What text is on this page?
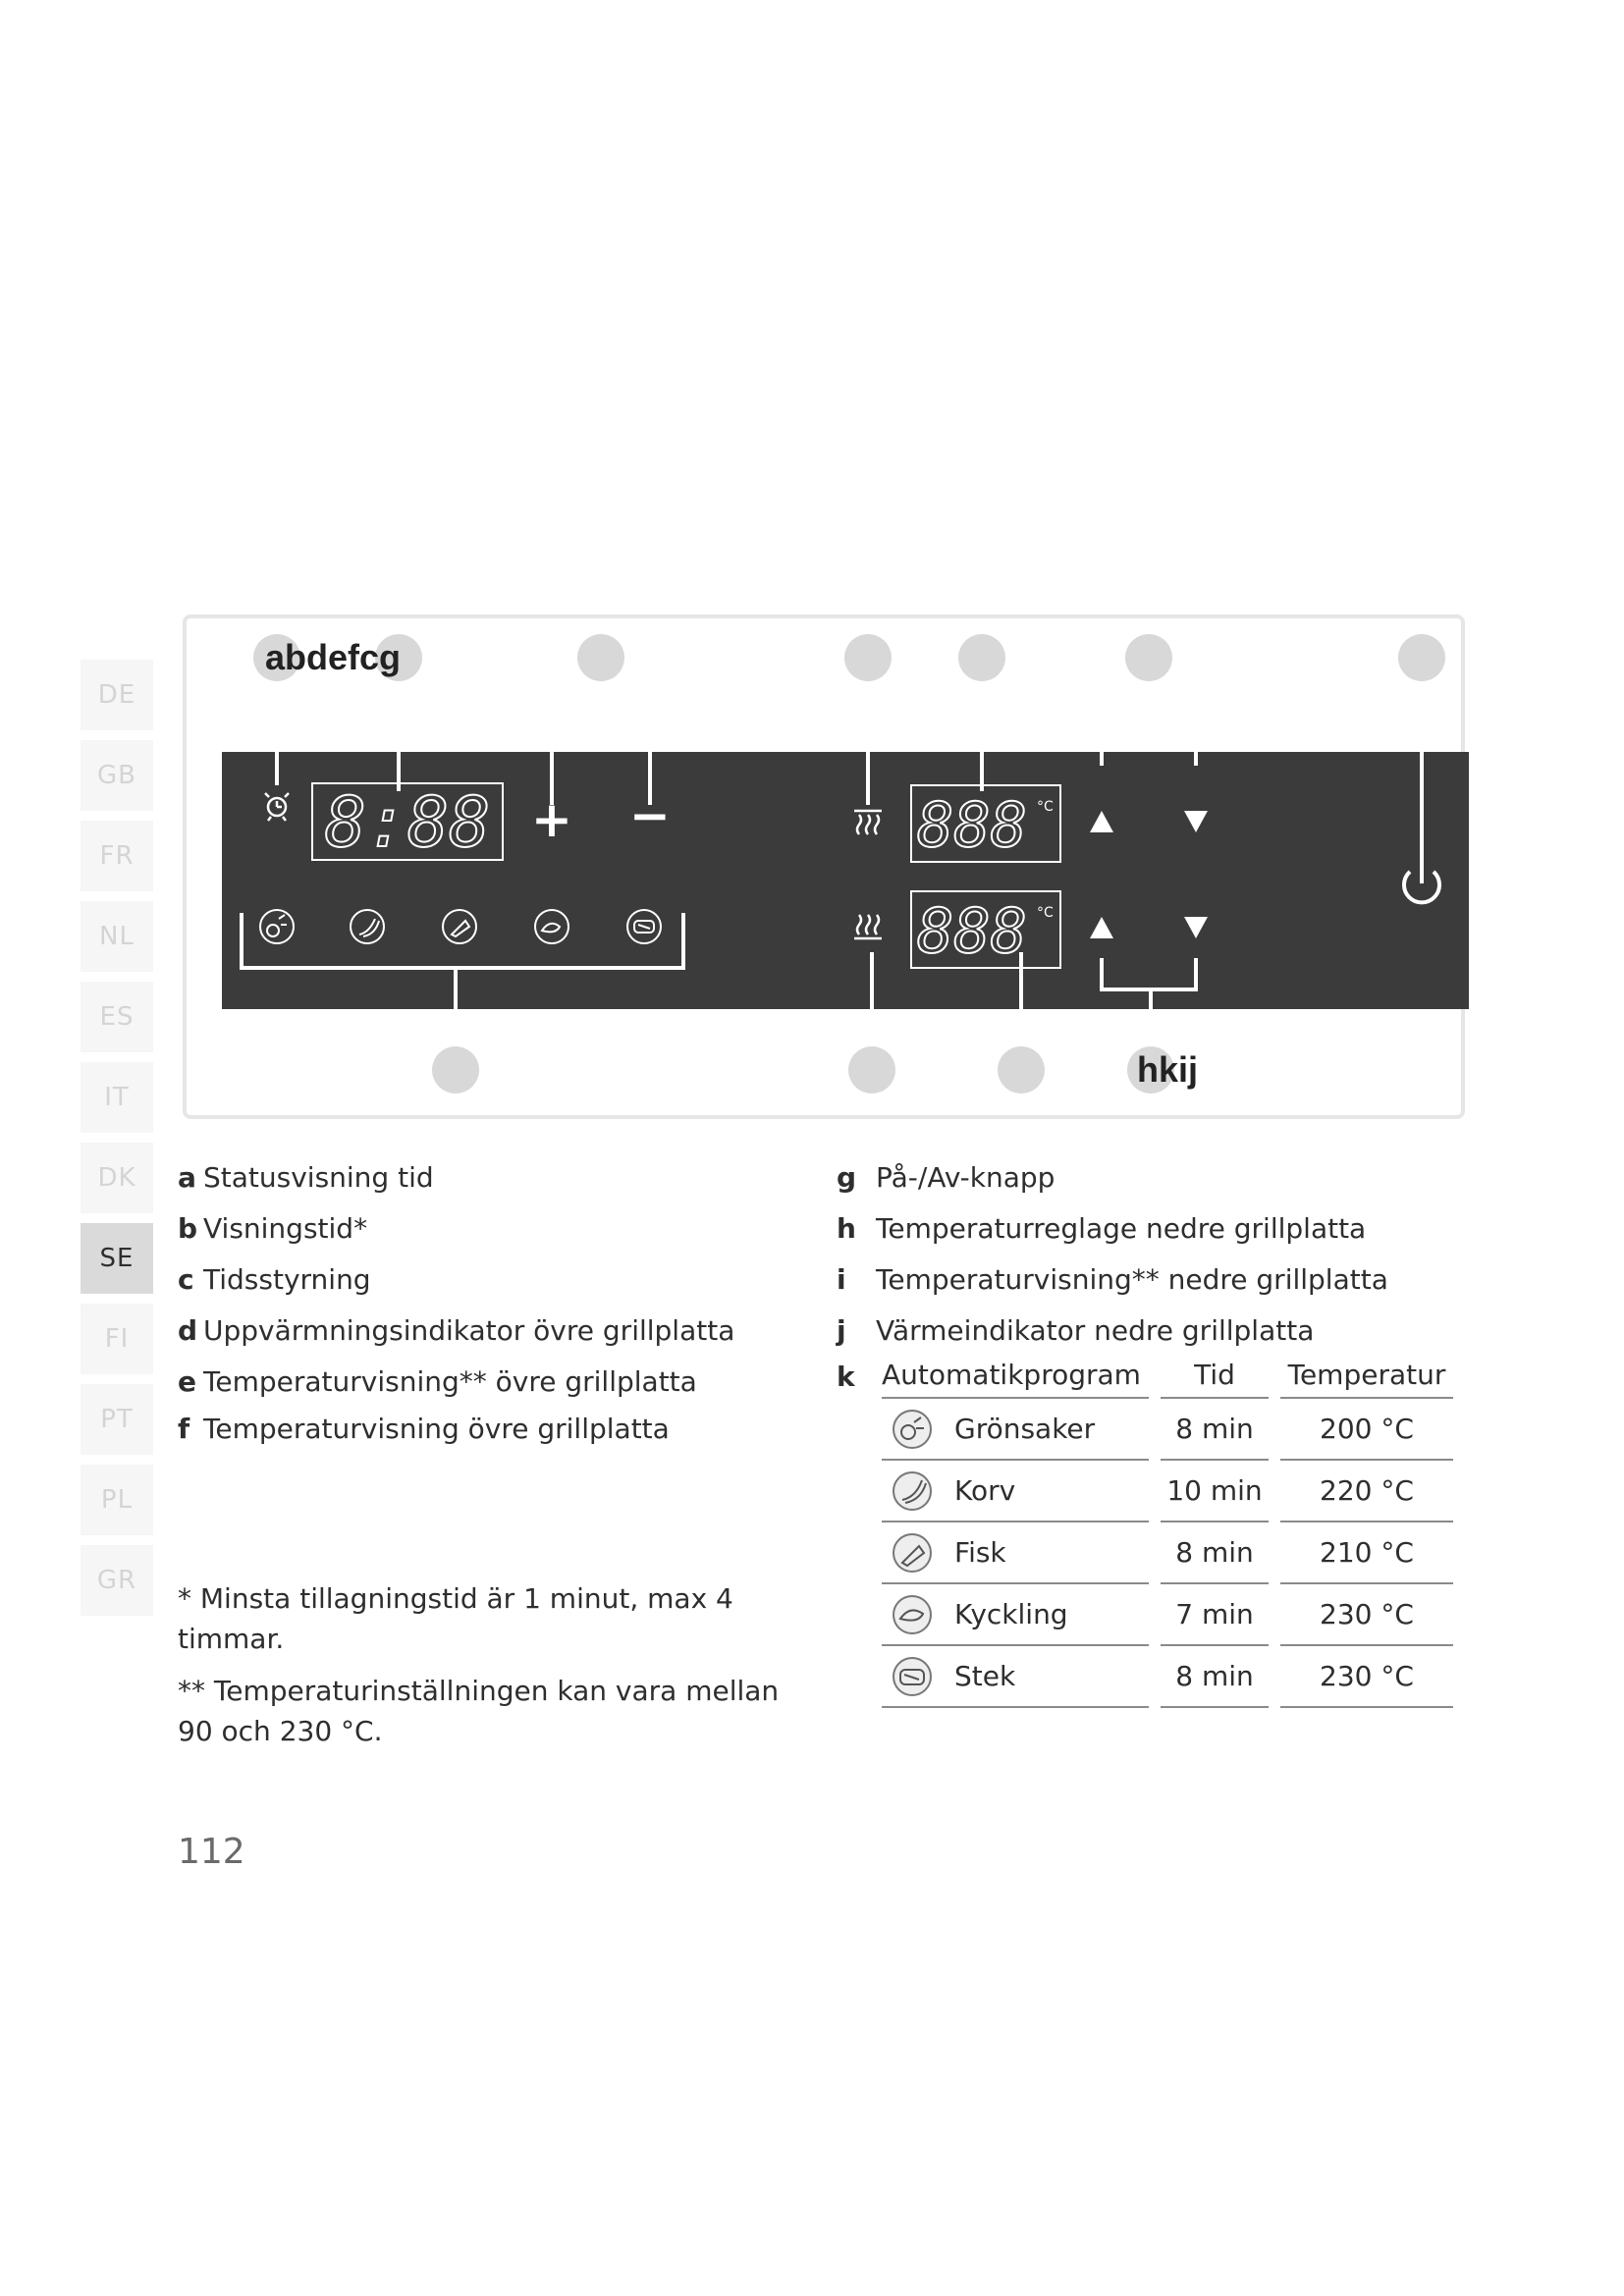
DE
GB
FR
NL
ES
IT
DK
SE
FI
PT
PL
GR
abdefcg
hkij
8:88 + −	888 °C
888 °C
a Statusvisning tid
b Visningstid*
c Tidsstyrning
d Uppvärmningsindikator övre grillplatta
e Temperaturvisning** övre grillplatta
f Temperaturvisning övre grillplatta
g På-/Av-knapp
h Temperaturreglage nedre grillplatta
i Temperaturvisning** nedre grillplatta
j Värmeindikator nedre grillplatta
k Automatikprogram	Tid	Temperatur
Grönsaker	8 min	200 °C
Korv	10 min	220 °C
Fisk	8 min	210 °C
Kyckling	7 min	230 °C
Stek	8 min	230 °C

* Minsta tillagningstid är 1 minut, max 4 timmar.

** Temperaturinställningen kan vara mellan 90 och 230 °C.

112
